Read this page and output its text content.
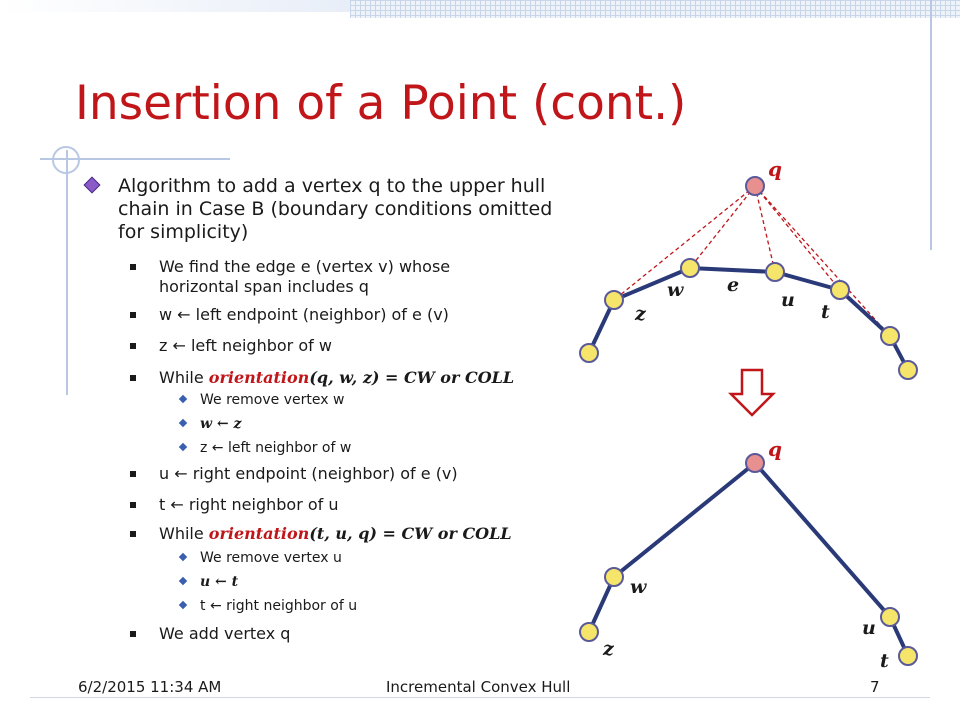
Insertion of a Point (cont.)
Algorithm to add a vertex q to the upper hull chain in Case B (boundary conditions omitted for simplicity)
We find the edge e (vertex v) whose horizontal span includes q
w ← left endpoint (neighbor) of e (v)
z ← left neighbor of w
While orientation(q, w, z) = CW or COLL
We remove vertex w
w ← z
z ← left neighbor of w
u ← right endpoint (neighbor) of e (v)
t ← right neighbor of u
While orientation(t, u, q) = CW or COLL
We remove vertex u
u ← t
t ← right neighbor of u
We add vertex q
q
w e
u
z	t
q
w
z
u
t
6/2/2015 11:34 AM	Incremental Convex Hull	7
